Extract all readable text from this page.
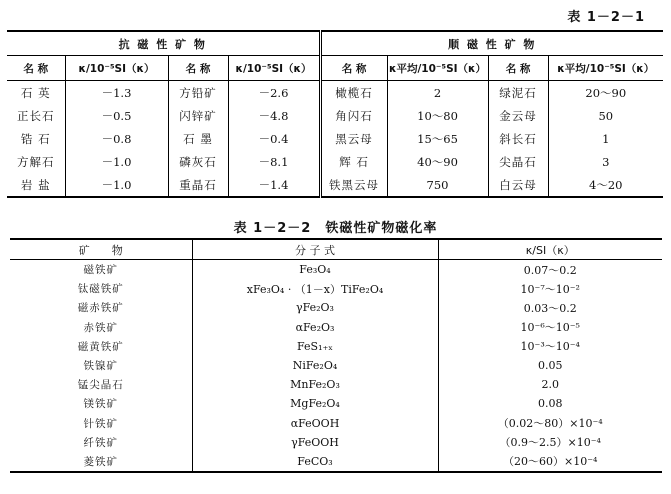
表 1－2－1
抗 磁 性 矿 物				顺 磁 性 矿 物			
名 称	κ/10⁻⁵SI（κ）	名 称	κ/10⁻⁵SI（κ）	名 称	κ平均/10⁻⁵SI（κ）	名 称	κ平均/10⁻⁵SI（κ）
石 英	－1.3	方铅矿	－2.6	橄榄石	2	绿泥石	20～90
正长石	－0.5	闪锌矿	－4.8	角闪石	10～80	金云母	50
锆 石	－0.8	石 墨	－0.4	黑云母	15～65	斜长石	1
方解石	－1.0	磷灰石	－8.1	辉 石	40～90	尖晶石	3
岩 盐	－1.0	重晶石	－1.4	铁黑云母	750	白云母	4～20
表 1－2－2　铁磁性矿物磁化率
矿　　物	分 子 式	κ/SI（κ）
磁铁矿	Fe₃O₄	0.07～0.2
钛磁铁矿	xFe₃O₄ · （1－x）TiFe₂O₄	10⁻⁷～10⁻²
磁赤铁矿	γFe₂O₃	0.03～0.2
赤铁矿	αFe₂O₃	10⁻⁶～10⁻⁵
磁黄铁矿	FeS₁₊ₓ	10⁻³～10⁻⁴
铁镍矿	NiFe₂O₄	0.05
锰尖晶石	MnFe₂O₃	2.0
镁铁矿	MgFe₂O₄	0.08
针铁矿	αFeOOH	（0.02～80）×10⁻⁴
纤铁矿	γFeOOH	（0.9～2.5）×10⁻⁴
菱铁矿	FeCO₃	（20～60）×10⁻⁴
